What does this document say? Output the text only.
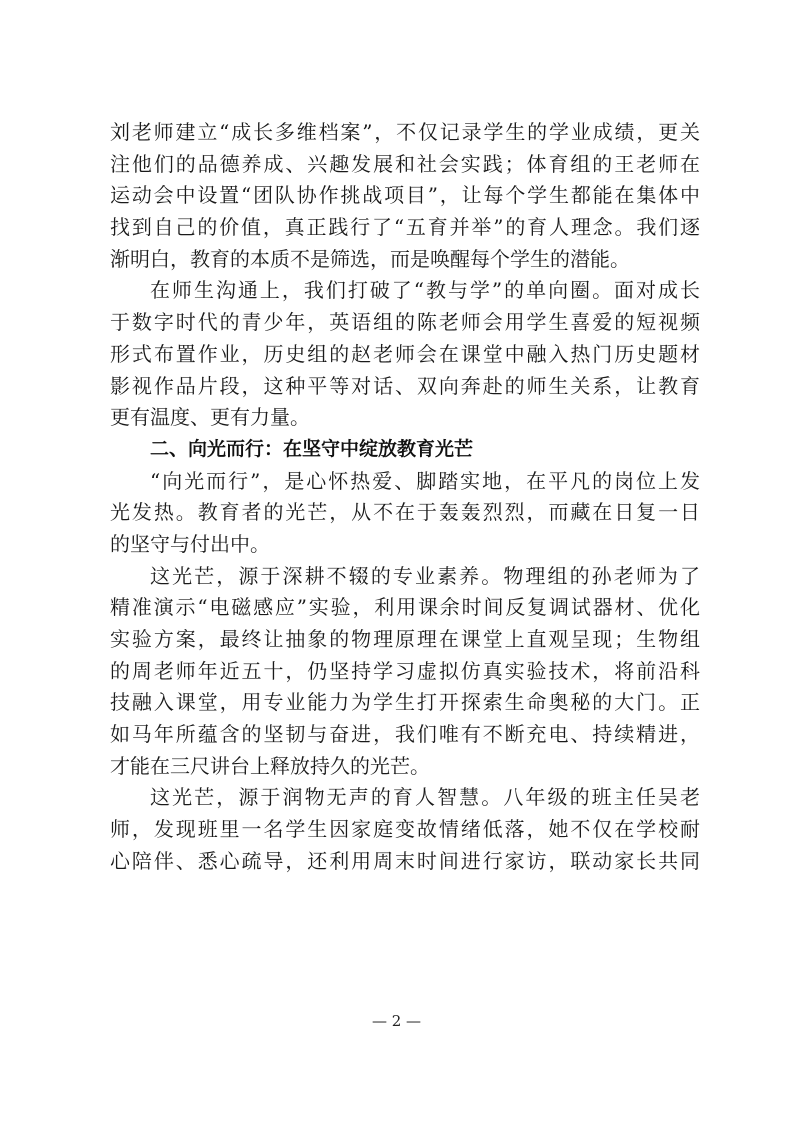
刘老师建立“成长多维档案”，不仅记录学生的学业成绩，更关
注他们的品德养成、兴趣发展和社会实践；体育组的王老师在
运动会中设置“团队协作挑战项目”，让每个学生都能在集体中
找到自己的价值，真正践行了“五育并举”的育人理念。我们逐
渐明白，教育的本质不是筛选，而是唤醒每个学生的潜能。
在师生沟通上，我们打破了“教与学”的单向圈。面对成长
于数字时代的青少年，英语组的陈老师会用学生喜爱的短视频
形式布置作业，历史组的赵老师会在课堂中融入热门历史题材
影视作品片段，这种平等对话、双向奔赴的师生关系，让教育
更有温度、更有力量。
二、向光而行：在坚守中绽放教育光芒
“向光而行”，是心怀热爱、脚踏实地，在平凡的岗位上发
光发热。教育者的光芒，从不在于轰轰烈烈，而藏在日复一日
的坚守与付出中。
这光芒，源于深耕不辍的专业素养。物理组的孙老师为了
精准演示“电磁感应”实验，利用课余时间反复调试器材、优化
实验方案，最终让抽象的物理原理在课堂上直观呈现；生物组
的周老师年近五十，仍坚持学习虚拟仿真实验技术，将前沿科
技融入课堂，用专业能力为学生打开探索生命奥秘的大门。正
如马年所蕴含的坚韧与奋进，我们唯有不断充电、持续精进，
才能在三尺讲台上释放持久的光芒。
这光芒，源于润物无声的育人智慧。八年级的班主任吴老
师，发现班里一名学生因家庭变故情绪低落，她不仅在学校耐
心陪伴、悉心疏导，还利用周末时间进行家访，联动家长共同
— 2 —
